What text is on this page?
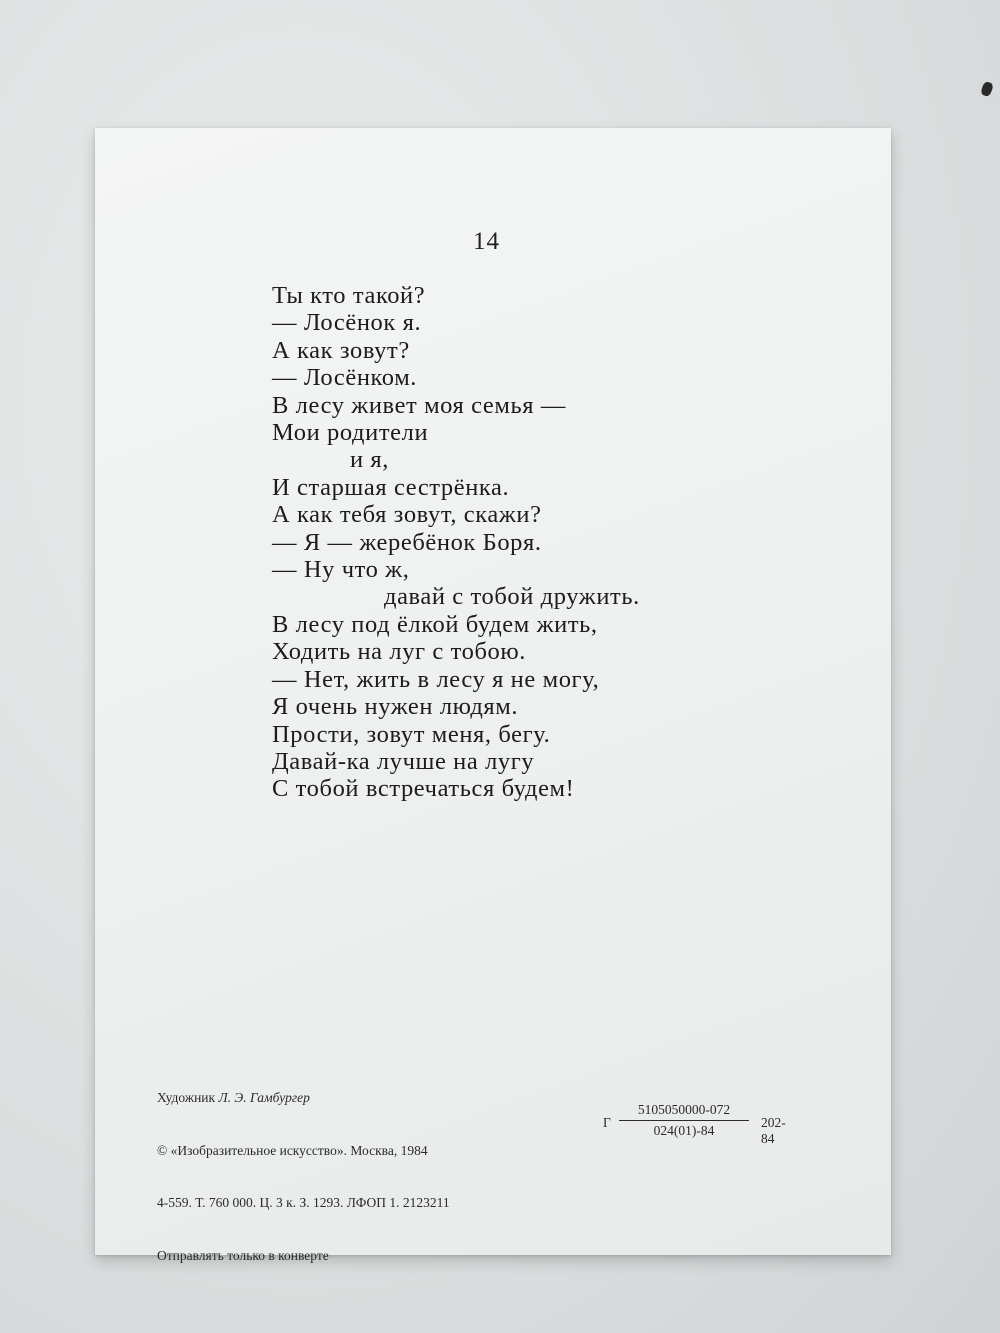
14
Ты кто такой?
— Лосёнок я.
А как зовут?
— Лосёнком.
В лесу живет моя семья —
Мои родители
и я,
И старшая сестрёнка.
А как тебя зовут, скажи?
— Я — жеребёнок Боря.
— Ну что ж,
давай с тобой дружить.
В лесу под ёлкой будем жить,
Ходить на луг с тобою.
— Нет, жить в лесу я не могу,
Я очень нужен людям.
Прости, зовут меня, бегу.
Давай-ка лучше на лугу
С тобой встречаться будем!

Художник Л. Э. Гамбургер

© «Изобразительное искусство». Москва, 1984

4-559. Т. 760 000. Ц. 3 к. З. 1293. ЛФОП 1. 2123211

Отправлять только в конверте

Г $\frac{5105050000-072}{024(01)-84} 202-84$
